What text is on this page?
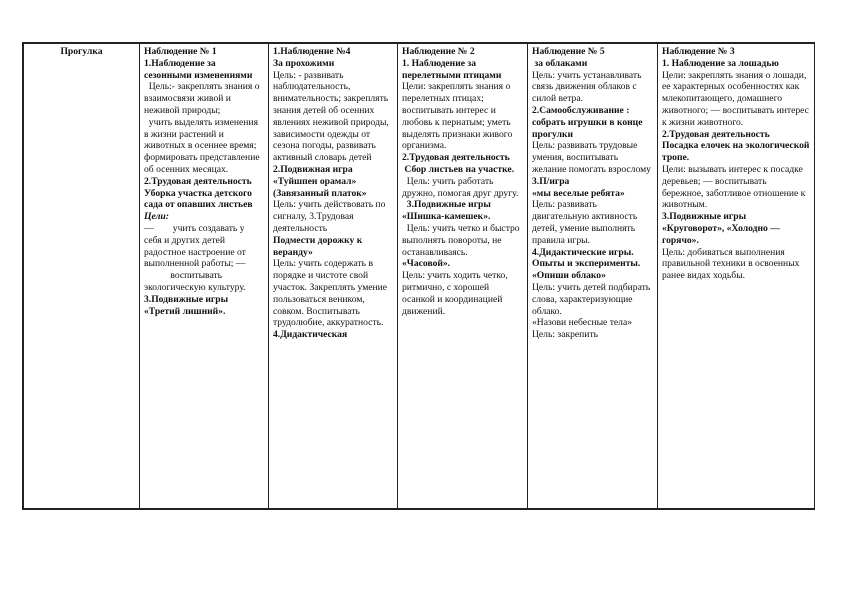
Прогулка	Наблюдение № 1
1.Наблюдение за сезонными изменениями
Цель:- закреплять знания о взаимосвязи живой и неживой природы;
учить выделять изменения в жизни растений и животных в осеннее время;
формировать представление об осенних месяцах.
2.Трудовая деятельность
Уборка участка детского сада от опавших листьев
Цели:
—        учить создавать у себя и других детей радостное настроение от выполненной работы; —
воспитывать экологическую культуру.
3.Подвижные игры «Третий лишний».

1.Наблюдение №4
За прохожими
Цель: - развивать наблюдательность, внимательность; закреплять знания детей об осенних явлениях неживой природы, зависимости одежды от сезона погоды, развивать активный словарь детей
2.Подвижная игра «Туйшпен орамал» (Завязанный платок»
Цель: учить действовать по сигналу, 3.Трудовая деятельность
Подмести дорожку к веранду»
Цель: учить содержать в порядке и чистоте свой участок. Закреплять умение пользоваться веником, совком. Воспитывать трудолюбие, аккуратность.
4.Дидактическая

Наблюдение № 2
1. Наблюдение за перелетными птицами
Цели: закреплять знания о перелетных птицах; воспитывать интерес и любовь к пернатым; уметь выделять признаки живого организма.
2.Трудовая деятельность
Сбор листьев на участке.
Цель: учить работать дружно, помогая друг другу.
3.Подвижные игры «Шишка-камешек».
Цель: учить четко и быстро выполнять повороты, не останавливаясь.
«Часовой».
Цель: учить ходить четко, ритмично, с хорошей осанкой и координацией движений.

Наблюдение № 5
за облаками
Цель: учить устанавливать связь движения облаков с силой ветра.
2.Самообслуживание : собрать игрушки в конце прогулки
Цель: развивать трудовые умения, воспитывать желание помогать взрослому
3.П/игра
«мы веселые ребята»
Цель: развивать двигательную активность детей, умение выполнять правила игры.
4.Дидактические игры. Опыты и эксперименты.
«Опиши облако»
Цель: учить детей подбирать слова, характеризующие облако.
«Назови небесные тела»
Цель: закрепить

Наблюдение № 3
1. Наблюдение за лошадью
Цели: закреплять знания о лошади, ее характерных особенностях как млекопитающего, домашнего животного; — воспитывать интерес к жизни животного.
2.Трудовая деятельность
Посадка елочек на экологической тропе.
Цели: вызывать интерес к посадке деревьев; — воспитывать бережное, заботливое отношение к животным.
3.Подвижные игры «Круговорот», «Холодно — горячо».
Цель: добиваться выполнения правильной техники в освоенных ранее видах ходьбы.
